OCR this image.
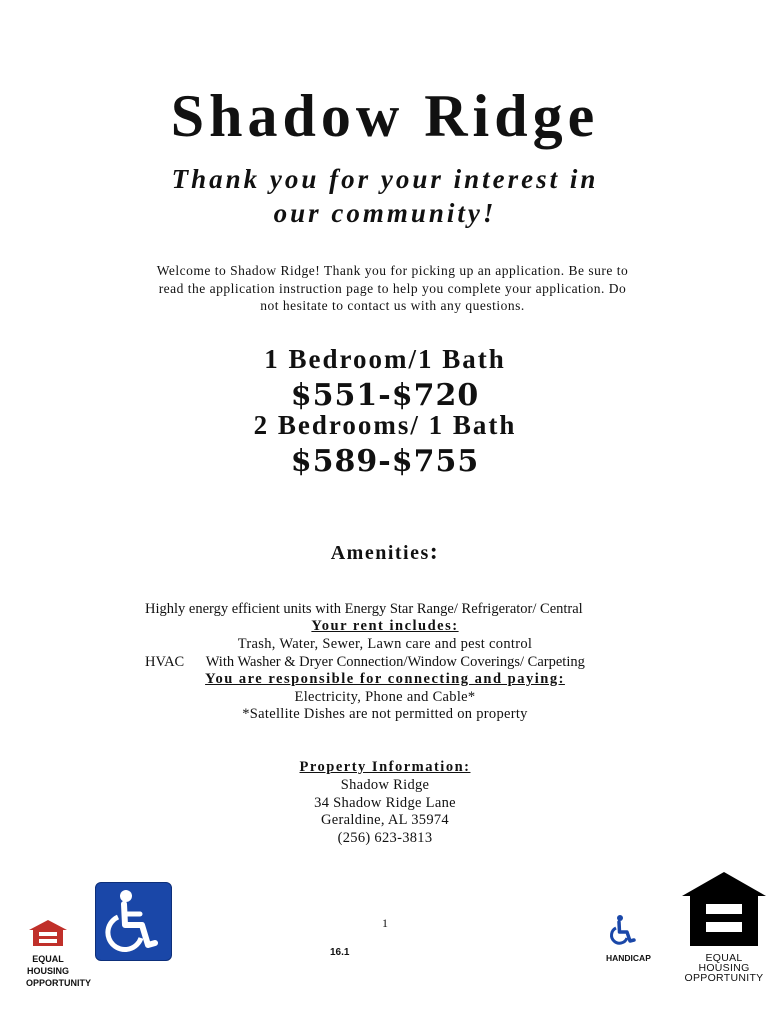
Shadow Ridge
Thank you for your interest in
our community!
Welcome to Shadow Ridge! Thank you for picking up an application. Be sure to
read the application instruction page to help you complete your application. Do
not hesitate to contact us with any questions.
1 Bedroom/1 Bath
$551-$720
2 Bedrooms/ 1 Bath
$589-$755
Amenities:

Highly energy efficient units with Energy Star Range/ Refrigerator/ Central

HVAC      With Washer & Dryer Connection/Window Coverings/ Carpeting

Your rent includes:
Trash, Water, Sewer, Lawn care and pest control
You are responsible for connecting and paying:
Electricity, Phone and Cable*
*Satellite Dishes are not permitted on property
Property Information:
Shadow Ridge
34 Shadow Ridge Lane
Geraldine, AL 35974
(256) 623-3813
1
EQUAL HOUSING
OPPORTUNITY
16.1	HANDICAP	EQUAL HOUSING
OPPORTUNITY
